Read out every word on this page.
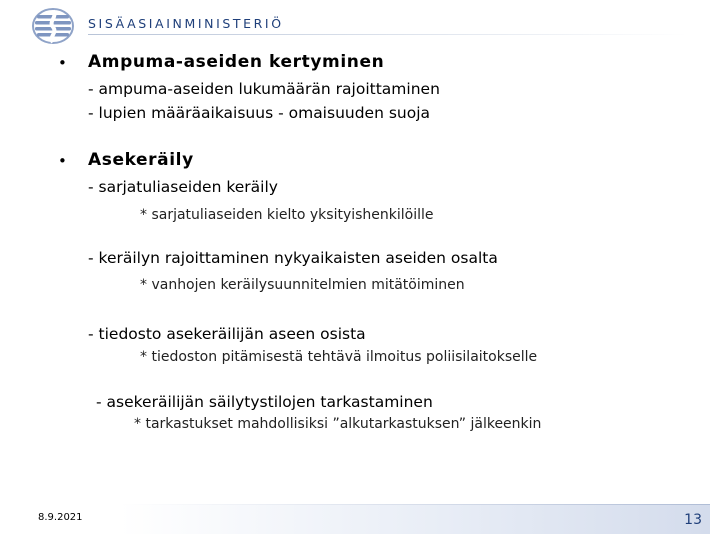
SISÄASIAINMINISTERIÖ
• Ampuma-aseiden kertyminen
- ampuma-aseiden lukumäärän rajoittaminen
- lupien määräaikaisuus - omaisuuden suoja
• Asekeräily
- sarjatuliaseiden keräily
* sarjatuliaseiden kielto yksityishenkilöille
- keräilyn rajoittaminen nykyaikaisten aseiden osalta
* vanhojen keräilysuunnitelmien mitätöiminen
- tiedosto asekeräilijän aseen osista
* tiedoston pitämisestä tehtävä ilmoitus poliisilaitokselle
- asekeräilijän säilytystilojen tarkastaminen
* tarkastukset mahdollisiksi ”alkutarkastuksen” jälkeenkin
8.9.2021	13
